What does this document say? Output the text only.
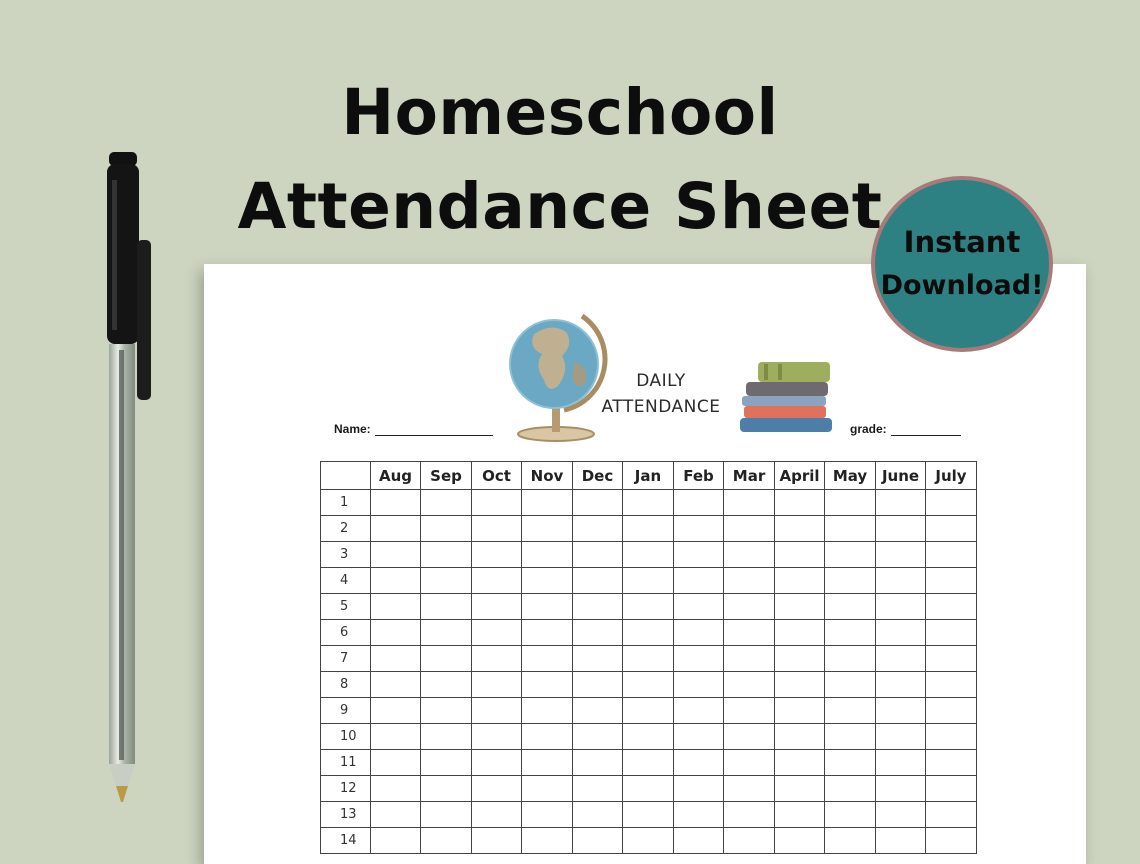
Homeschool
Attendance Sheet
DAILY
ATTENDANCE
Name:	grade:
	Aug	Sep	Oct	Nov	Dec	Jan	Feb	Mar	April	May	June	July
1												
2												
3												
4												
5												
6												
7												
8												
9												
10												
11												
12												
13												
14												
Instant
Download!
